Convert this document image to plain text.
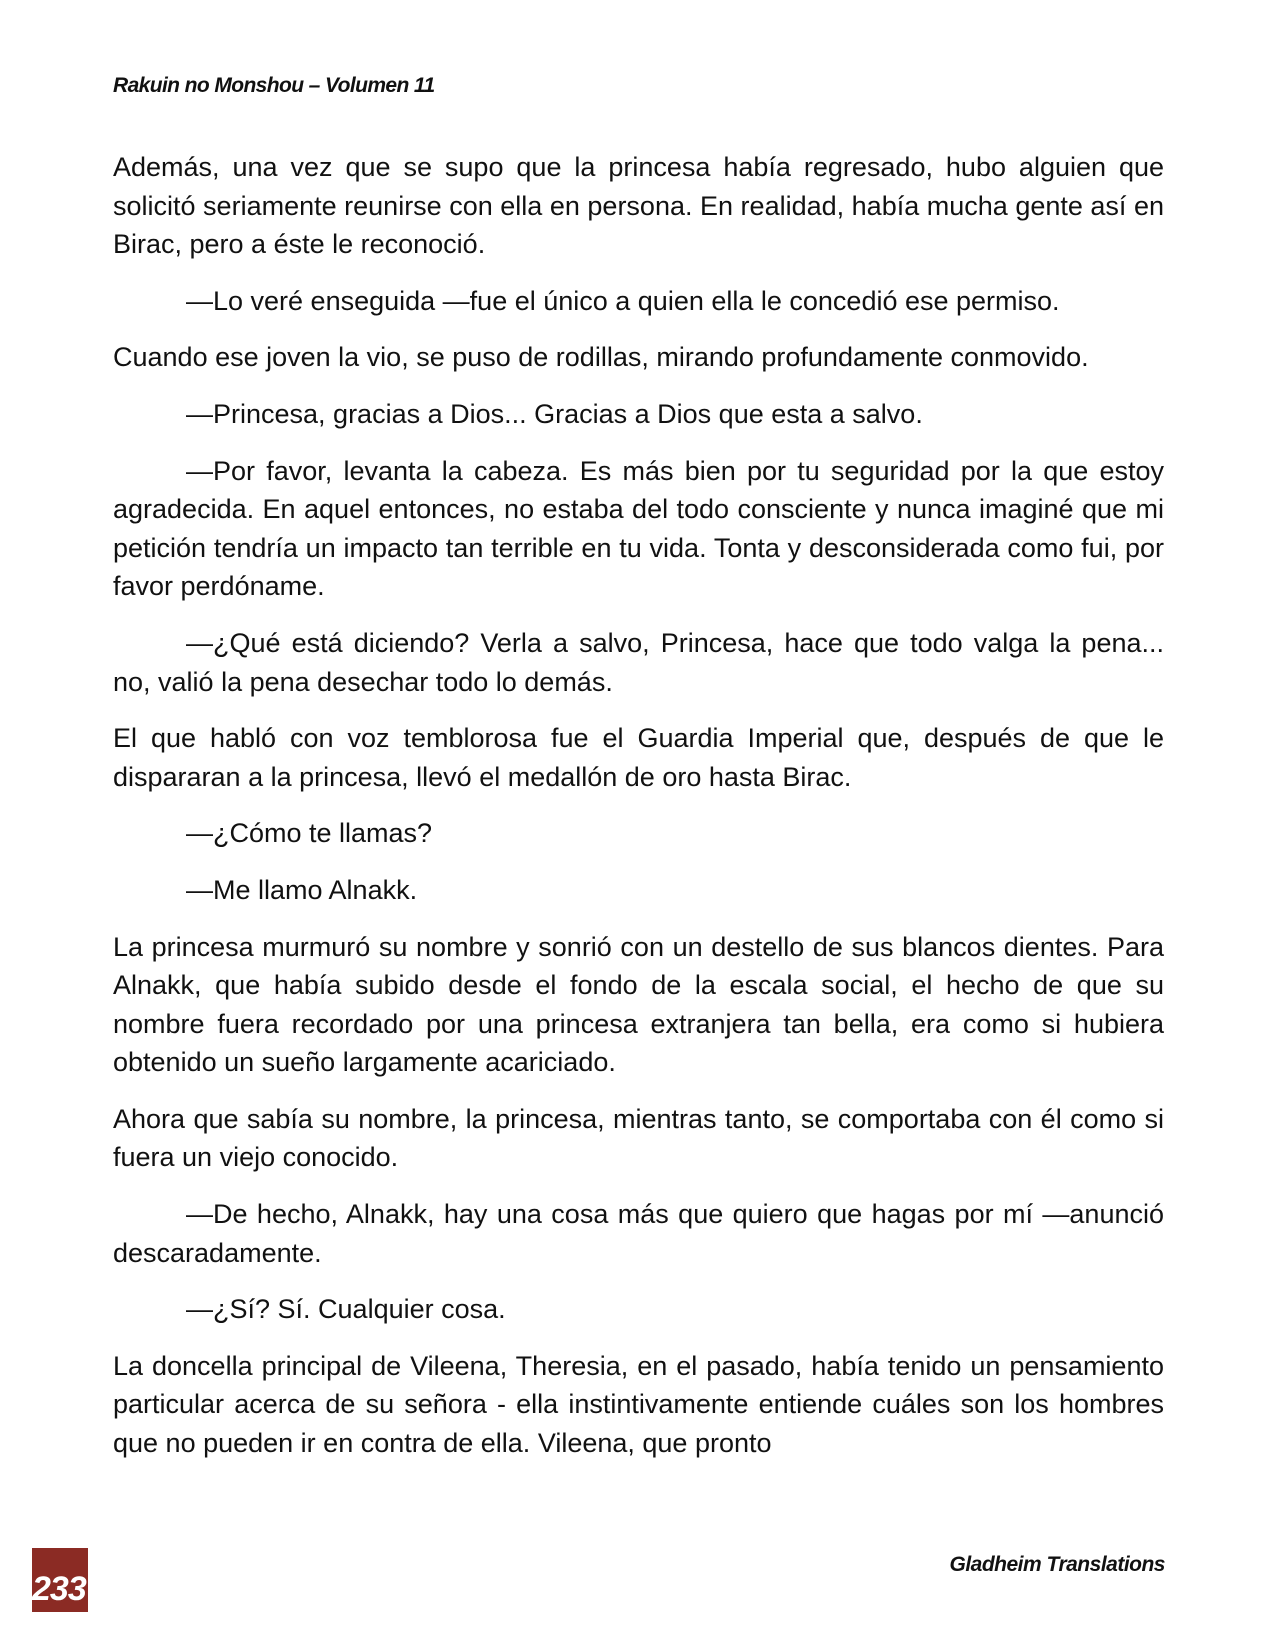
Rakuin no Monshou – Volumen 11

Además, una vez que se supo que la princesa había regresado, hubo alguien que solicitó seriamente reunirse con ella en persona. En realidad, había mucha gente así en Birac, pero a éste le reconoció.

—Lo veré enseguida —fue el único a quien ella le concedió ese permiso.

Cuando ese joven la vio, se puso de rodillas, mirando profundamente conmovido.

—Princesa, gracias a Dios... Gracias a Dios que esta a salvo.

—Por favor, levanta la cabeza. Es más bien por tu seguridad por la que estoy agradecida. En aquel entonces, no estaba del todo consciente y nunca imaginé que mi petición tendría un impacto tan terrible en tu vida. Tonta y desconsiderada como fui, por favor perdóname.

—¿Qué está diciendo? Verla a salvo, Princesa, hace que todo valga la pena... no, valió la pena desechar todo lo demás.

El que habló con voz temblorosa fue el Guardia Imperial que, después de que le dispararan a la princesa, llevó el medallón de oro hasta Birac.

—¿Cómo te llamas?

—Me llamo Alnakk.

La princesa murmuró su nombre y sonrió con un destello de sus blancos dientes. Para Alnakk, que había subido desde el fondo de la escala social, el hecho de que su nombre fuera recordado por una princesa extranjera tan bella, era como si hubiera obtenido un sueño largamente acariciado.

Ahora que sabía su nombre, la princesa, mientras tanto, se comportaba con él como si fuera un viejo conocido.

—De hecho, Alnakk, hay una cosa más que quiero que hagas por mí —anunció descaradamente.

—¿Sí? Sí. Cualquier cosa.

La doncella principal de Vileena, Theresia, en el pasado, había tenido un pensamiento particular acerca de su señora - ella instintivamente entiende cuáles son los hombres que no pueden ir en contra de ella. Vileena, que pronto

233
Gladheim Translations
